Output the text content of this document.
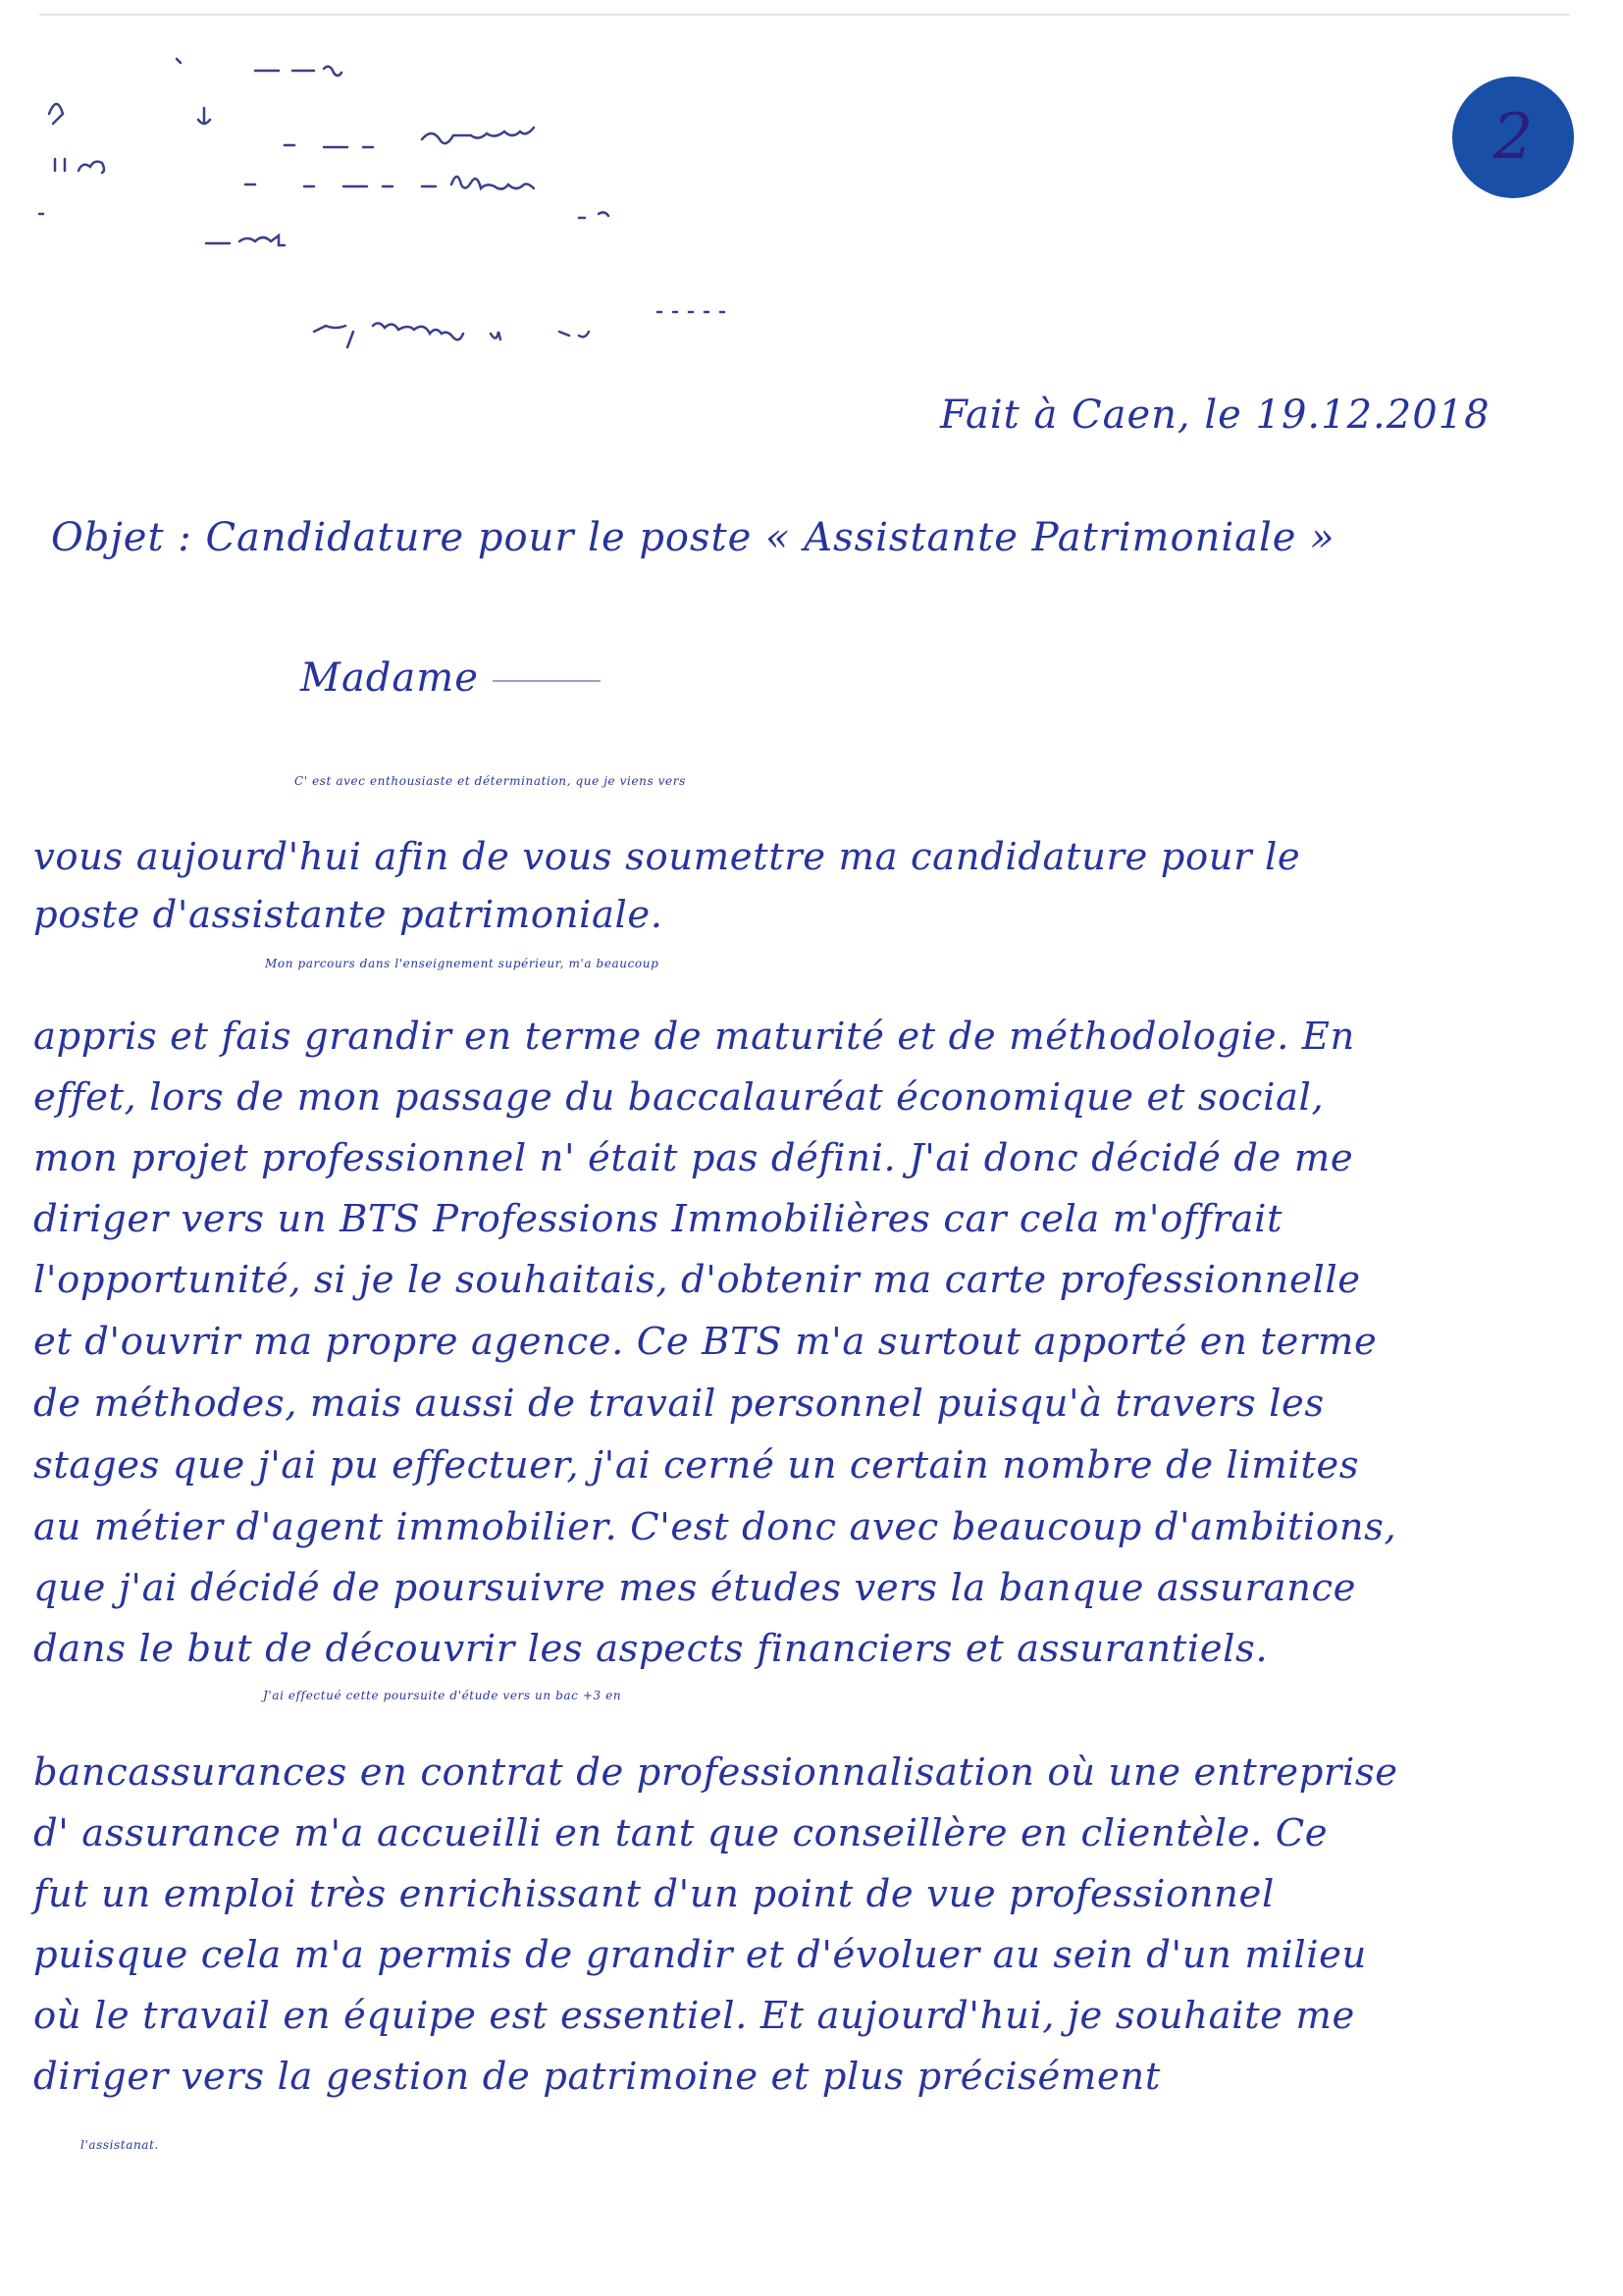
2
Fait à Caen, le 19.12.2018
Objet : Candidature pour le poste « Assistante Patrimoniale »
Madame
C' est avec enthousiaste et détermination, que je viens vers
vous aujourd'hui afin de vous soumettre ma candidature pour le
poste d'assistante patrimoniale.
Mon parcours dans l'enseignement supérieur, m'a beaucoup
appris et fais grandir en terme de maturité et de méthodologie. En
effet, lors de mon passage du baccalauréat économique et social,
mon projet professionnel n' était pas défini. J'ai donc décidé de me
diriger vers un BTS Professions Immobilières car cela m'offrait
l'opportunité, si je le souhaitais, d'obtenir ma carte professionnelle
et d'ouvrir ma propre agence. Ce BTS m'a surtout apporté en terme
de méthodes, mais aussi de travail personnel puisqu'à travers les
stages que j'ai pu effectuer, j'ai cerné un certain nombre de limites
au métier d'agent immobilier. C'est donc avec beaucoup d'ambitions,
que j'ai décidé de poursuivre mes études vers la banque assurance
dans le but de découvrir les aspects financiers et assurantiels.
J'ai effectué cette poursuite d'étude vers un bac +3 en
bancassurances en contrat de professionnalisation où une entreprise
d' assurance m'a accueilli en tant que conseillère en clientèle. Ce
fut un emploi très enrichissant d'un point de vue professionnel
puisque cela m'a permis de grandir et d'évoluer au sein d'un milieu
où le travail en équipe est essentiel. Et aujourd'hui, je souhaite me
diriger vers la gestion de patrimoine et plus précisément
l'assistanat.
